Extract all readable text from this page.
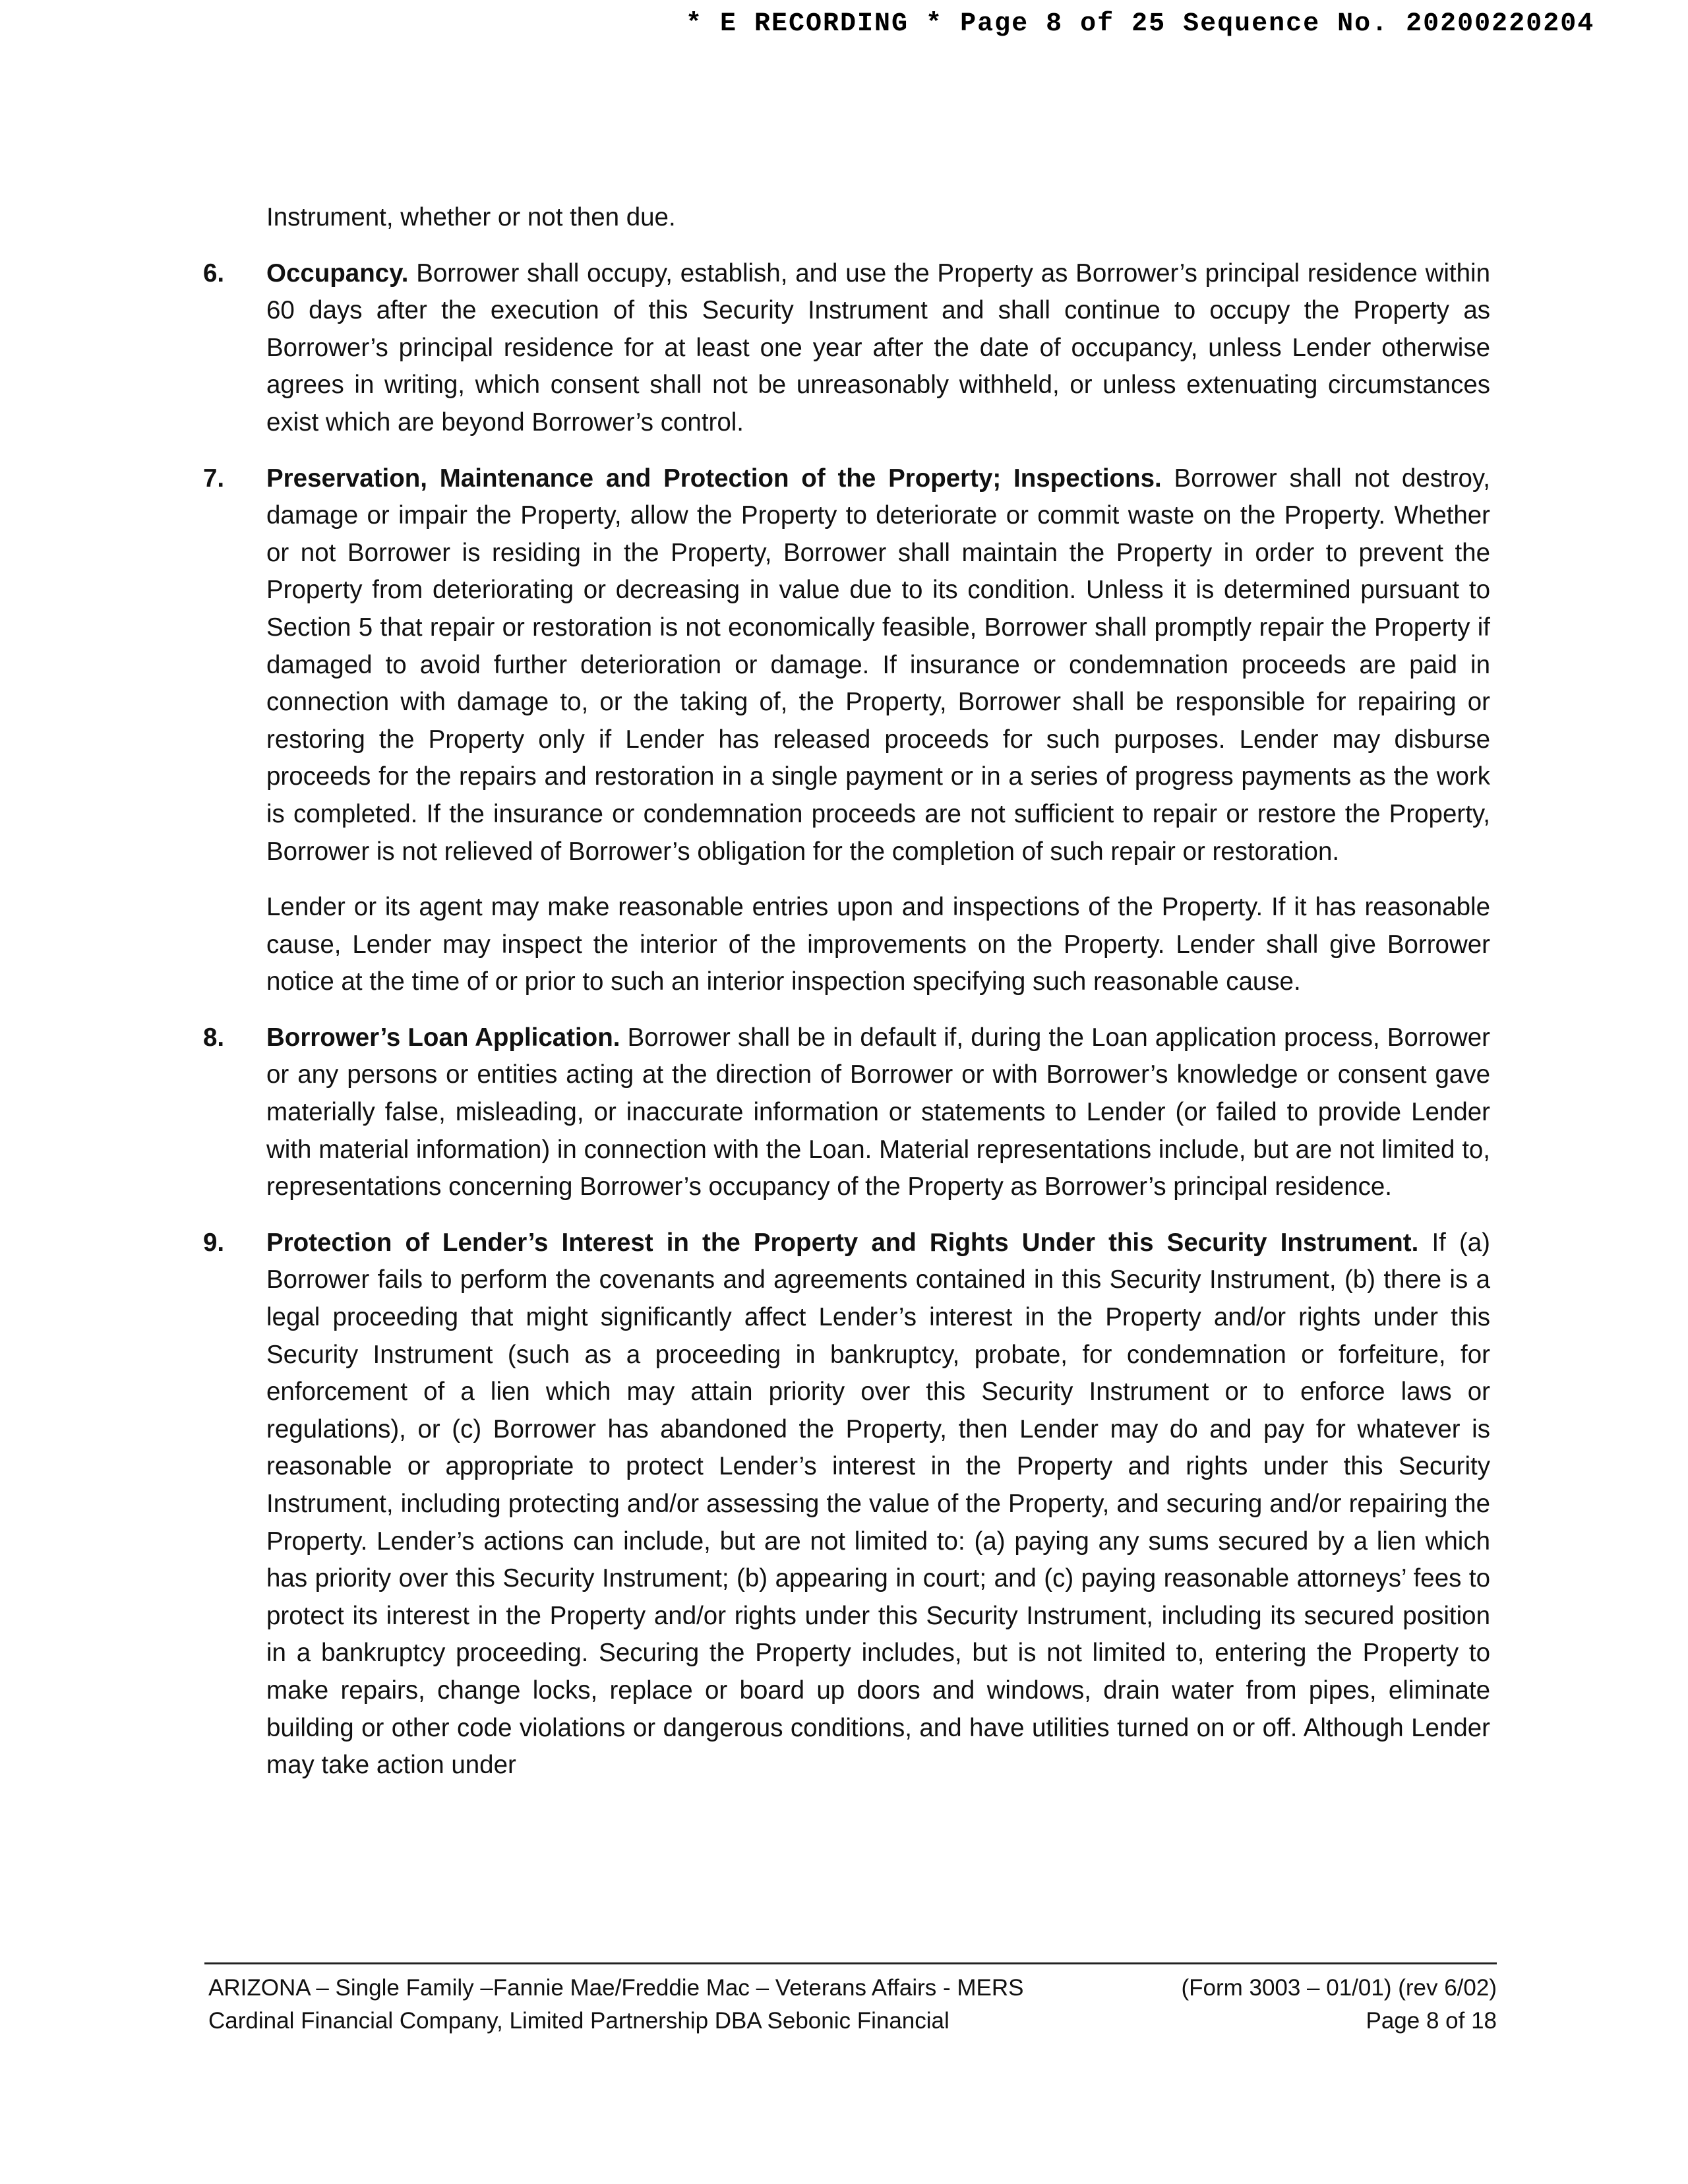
* E RECORDING * Page 8 of 25 Sequence No. 20200220204

Instrument, whether or not then due.

6. Occupancy. Borrower shall occupy, establish, and use the Property as Borrower’s principal residence within 60 days after the execution of this Security Instrument and shall continue to occupy the Property as Borrower’s principal residence for at least one year after the date of occupancy, unless Lender otherwise agrees in writing, which consent shall not be unreasonably withheld, or unless extenuating circumstances exist which are beyond Borrower’s control.

7. Preservation, Maintenance and Protection of the Property; Inspections. Borrower shall not destroy, damage or impair the Property, allow the Property to deteriorate or commit waste on the Property. Whether or not Borrower is residing in the Property, Borrower shall maintain the Property in order to prevent the Property from deteriorating or decreasing in value due to its condition. Unless it is determined pursuant to Section 5 that repair or restoration is not economically feasible, Borrower shall promptly repair the Property if damaged to avoid further deterioration or damage. If insurance or condemnation proceeds are paid in connection with damage to, or the taking of, the Property, Borrower shall be responsible for repairing or restoring the Property only if Lender has released proceeds for such purposes. Lender may disburse proceeds for the repairs and restoration in a single payment or in a series of progress payments as the work is completed. If the insurance or condemnation proceeds are not sufficient to repair or restore the Property, Borrower is not relieved of Borrower’s obligation for the completion of such repair or restoration.

Lender or its agent may make reasonable entries upon and inspections of the Property. If it has reasonable cause, Lender may inspect the interior of the improvements on the Property. Lender shall give Borrower notice at the time of or prior to such an interior inspection specifying such reasonable cause.

8. Borrower’s Loan Application. Borrower shall be in default if, during the Loan application process, Borrower or any persons or entities acting at the direction of Borrower or with Borrower’s knowledge or consent gave materially false, misleading, or inaccurate information or statements to Lender (or failed to provide Lender with material information) in connection with the Loan. Material representations include, but are not limited to, representations concerning Borrower’s occupancy of the Property as Borrower’s principal residence.

9. Protection of Lender’s Interest in the Property and Rights Under this Security Instrument. If (a) Borrower fails to perform the covenants and agreements contained in this Security Instrument, (b) there is a legal proceeding that might significantly affect Lender’s interest in the Property and/or rights under this Security Instrument (such as a proceeding in bankruptcy, probate, for condemnation or forfeiture, for enforcement of a lien which may attain priority over this Security Instrument or to enforce laws or regulations), or (c) Borrower has abandoned the Property, then Lender may do and pay for whatever is reasonable or appropriate to protect Lender’s interest in the Property and rights under this Security Instrument, including protecting and/or assessing the value of the Property, and securing and/or repairing the Property. Lender’s actions can include, but are not limited to: (a) paying any sums secured by a lien which has priority over this Security Instrument; (b) appearing in court; and (c) paying reasonable attorneys’ fees to protect its interest in the Property and/or rights under this Security Instrument, including its secured position in a bankruptcy proceeding. Securing the Property includes, but is not limited to, entering the Property to make repairs, change locks, replace or board up doors and windows, drain water from pipes, eliminate building or other code violations or dangerous conditions, and have utilities turned on or off. Although Lender may take action under

ARIZONA – Single Family –Fannie Mae/Freddie Mac – Veterans Affairs - MERS	(Form 3003 – 01/01) (rev 6/02)
Cardinal Financial Company, Limited Partnership DBA Sebonic Financial	Page 8 of 18
